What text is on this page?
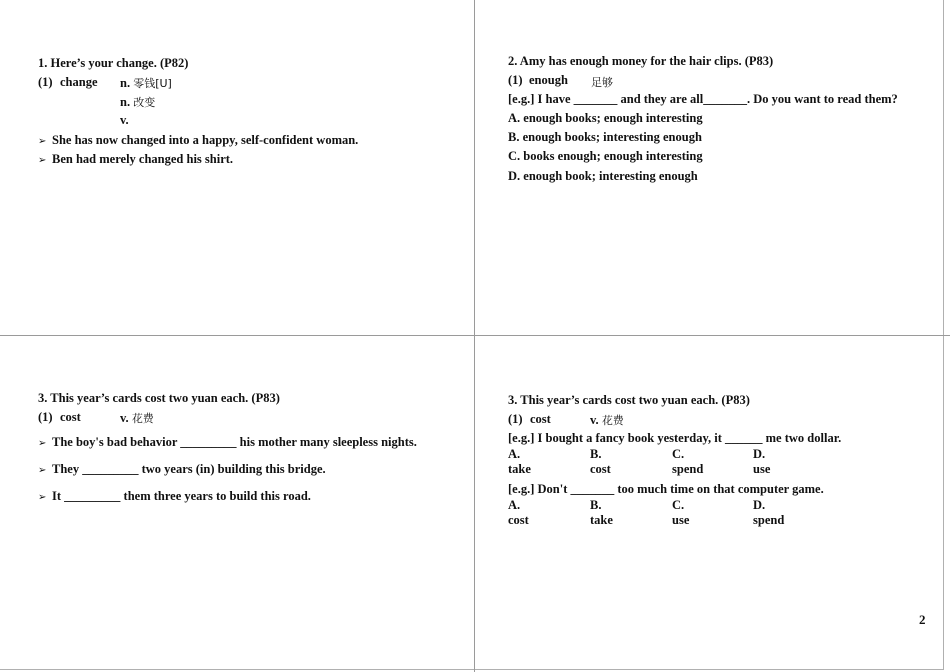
1. Here’s your change. (P82)
(1) change n. 零钱[U]
n. 改变
v.
➢ She has now changed into a happy, self-confident woman.
➢ Ben had merely changed his shirt.
2. Amy has enough money for the hair clips. (P83)
(1) enough 足够
[e.g.] I have _______ and they are all_______. Do you want to read them?
A. enough books; enough interesting
B. enough books; interesting enough
C. books enough; enough interesting
D. enough book; interesting enough
3. This year’s cards cost two yuan each. (P83)
(1) cost	v. 花费
➢ The boy's bad behavior _________ his mother many sleepless nights.
➢ They _________ two years (in) building this bridge.
➢ It _________ them three years to build this road.
3. This year’s cards cost two yuan each. (P83)
(1) cost	v. 花费
[e.g.] I bought a fancy book yesterday, it ______ me two dollar.
A. take
B. cost
C. spend
D. use
[e.g.] Don't _______ too much time on that computer game.
A. cost
B. take
C. use
D. spend
2
